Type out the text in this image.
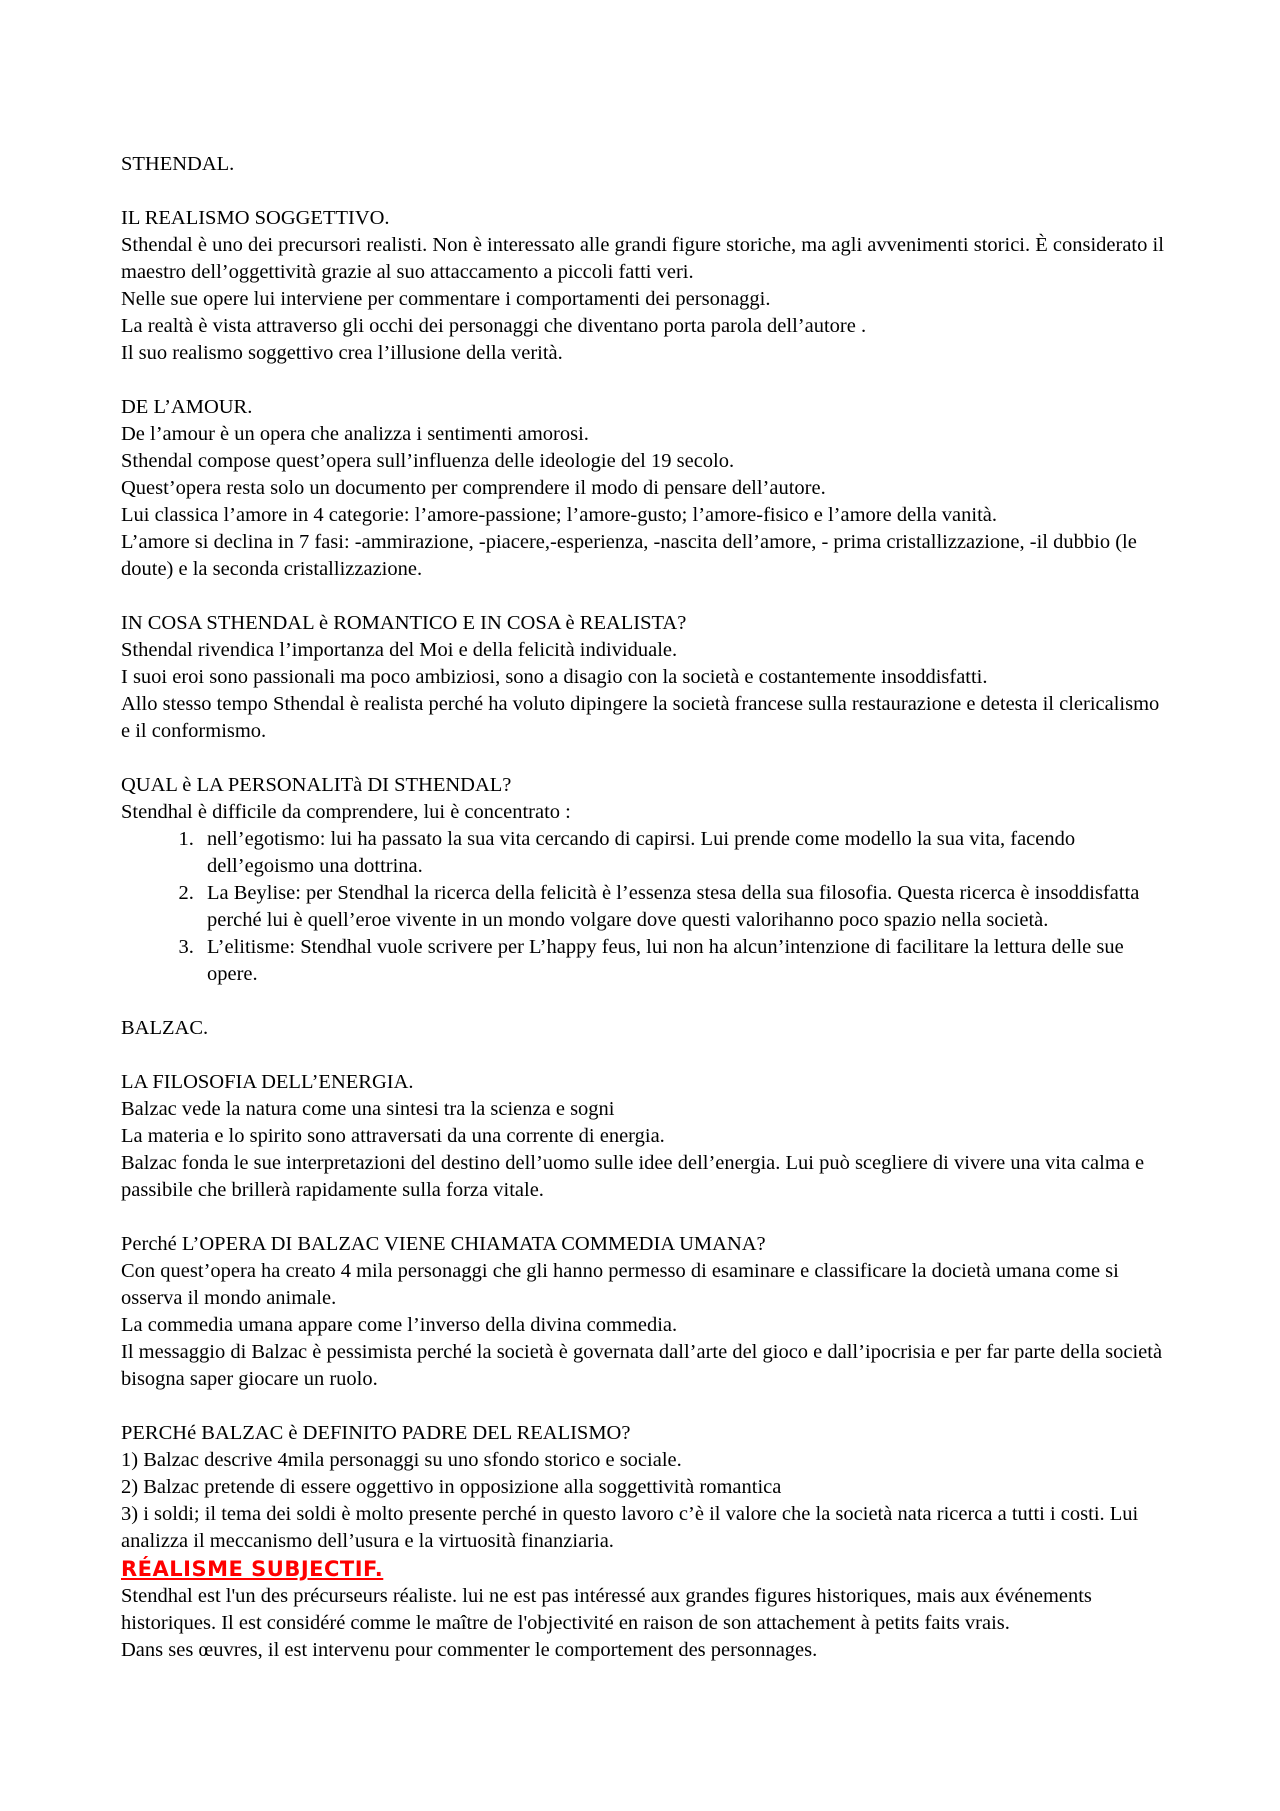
STHENDAL.

IL REALISMO SOGGETTIVO.

Sthendal è uno dei precursori realisti. Non è interessato alle grandi figure storiche, ma agli avvenimenti storici. È considerato il maestro dell’oggettività grazie al suo attaccamento a piccoli fatti veri.

Nelle sue opere lui interviene per commentare i comportamenti dei personaggi.

La realtà è vista attraverso gli occhi dei personaggi che diventano porta parola dell’autore .

Il suo realismo soggettivo crea l’illusione della verità.

DE L’AMOUR.

De l’amour è un opera che analizza i sentimenti amorosi.

Sthendal compose quest’opera sull’influenza delle ideologie del 19 secolo.

Quest’opera resta solo un documento per comprendere il modo di pensare dell’autore.

Lui classica l’amore in 4 categorie: l’amore-passione; l’amore-gusto; l’amore-fisico e l’amore della vanità.

L’amore si declina in 7 fasi: -ammirazione, -piacere,-esperienza, -nascita dell’amore, - prima cristallizzazione, -il dubbio (le doute) e la seconda cristallizzazione.

IN COSA STHENDAL è ROMANTICO E IN COSA è REALISTA?

Sthendal rivendica l’importanza del Moi e della felicità individuale.

I suoi eroi sono passionali ma poco ambiziosi, sono a disagio con la società e costantemente insoddisfatti.

Allo stesso tempo Sthendal è realista perché ha voluto dipingere la società francese sulla restaurazione e detesta il clericalismo e il conformismo.

QUAL è LA PERSONALITà DI STHENDAL?

Stendhal è difficile da comprendere, lui è concentrato :

1. nell’egotismo: lui ha passato la sua vita cercando di capirsi. Lui prende come modello la sua vita, facendo dell’egoismo una dottrina.
2. La Beylise: per Stendhal la ricerca della felicità è l’essenza stesa della sua filosofia. Questa ricerca è insoddisfatta perché lui è quell’eroe vivente in un mondo volgare dove questi valorihanno poco spazio nella società.
3. L’elitisme: Stendhal vuole scrivere per L’happy feus, lui non ha alcun’intenzione di facilitare la lettura delle sue opere.

BALZAC.

LA FILOSOFIA DELL’ENERGIA.

Balzac vede la natura come una sintesi tra la scienza e sogni

La materia e lo spirito sono attraversati da una corrente di energia.

Balzac fonda le sue interpretazioni del destino dell’uomo sulle idee dell’energia. Lui può scegliere di vivere una vita calma e passibile che brillerà rapidamente sulla forza vitale.

Perché L’OPERA DI BALZAC VIENE CHIAMATA COMMEDIA UMANA?

Con quest’opera ha creato 4 mila personaggi che gli hanno permesso di esaminare e classificare la docietà umana come si osserva il mondo animale.

La commedia umana appare come l’inverso della divina commedia.

Il messaggio di Balzac è pessimista perché la società è governata dall’arte del gioco e dall’ipocrisia e per far parte della società bisogna saper giocare un ruolo.

PERCHé BALZAC è DEFINITO PADRE DEL REALISMO?

1) Balzac descrive 4mila personaggi su uno sfondo storico e sociale.

2) Balzac pretende di essere oggettivo in opposizione alla soggettività romantica

3) i soldi; il tema dei soldi è molto presente perché in questo lavoro c’è il valore che la società nata ricerca a tutti i costi. Lui analizza il meccanismo dell’usura e la virtuosità finanziaria.

RÉALISME SUBJECTIF.

Stendhal est l'un des précurseurs réaliste. lui ne est pas intéressé aux grandes figures historiques, mais aux événements historiques. Il est considéré comme le maître de l'objectivité en raison de son attachement à petits faits vrais.

Dans ses œuvres, il est intervenu pour commenter le comportement des personnages.
